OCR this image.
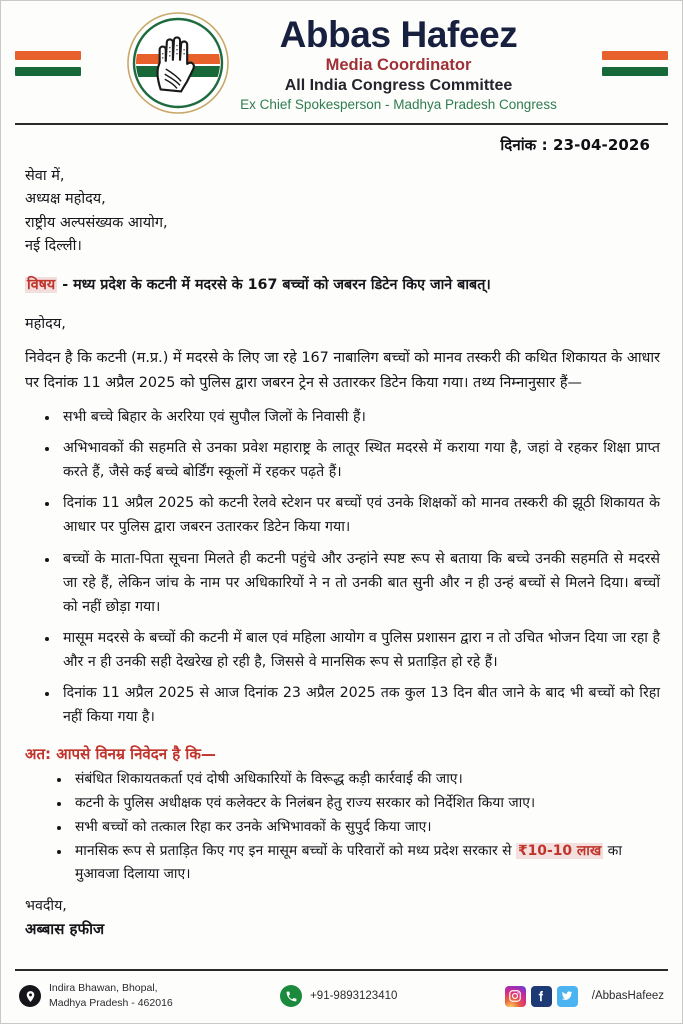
Abbas Hafeez
Media Coordinator
All India Congress Committee
Ex Chief Spokesperson - Madhya Pradesh Congress
दिनांक : 23-04-2026
सेवा में,
अध्यक्ष महोदय,
राष्ट्रीय अल्पसंख्यक आयोग,
नई दिल्ली।
विषय - मध्य प्रदेश के कटनी में मदरसे के 167 बच्चों को जबरन डिटेन किए जाने बाबत्।
महोदय,
निवेदन है कि कटनी (म.प्र.) में मदरसे के लिए जा रहे 167 नाबालिग बच्चों को मानव तस्करी की कथित शिकायत के आधार पर दिनांक 11 अप्रैल 2025 को पुलिस द्वारा जबरन ट्रेन से उतारकर डिटेन किया गया। तथ्य निम्नानुसार हैं—
• सभी बच्चे बिहार के अररिया एवं सुपौल जिलों के निवासी हैं।
• अभिभावकों की सहमति से उनका प्रवेश महाराष्ट्र के लातूर स्थित मदरसे में कराया गया है, जहां वे रहकर शिक्षा प्राप्त करते हैं, जैसे कई बच्चे बोर्डिंग स्कूलों में रहकर पढ़ते हैं।
• दिनांक 11 अप्रैल 2025 को कटनी रेलवे स्टेशन पर बच्चों एवं उनके शिक्षकों को मानव तस्करी की झूठी शिकायत के आधार पर पुलिस द्वारा जबरन उतारकर डिटेन किया गया।
• बच्चों के माता-पिता सूचना मिलते ही कटनी पहुंचे और उन्हांने स्पष्ट रूप से बताया कि बच्चे उनकी सहमति से मदरसे जा रहे हैं, लेकिन जांच के नाम पर अधिकारियों ने न तो उनकी बात सुनी और न ही उन्हं बच्चों से मिलने दिया। बच्चों को नहीं छोड़ा गया।
• मासूम मदरसे के बच्चों की कटनी में बाल एवं महिला आयोग व पुलिस प्रशासन द्वारा न तो उचित भोजन दिया जा रहा है और न ही उनकी सही देखरेख हो रही है, जिससे वे मानसिक रूप से प्रताड़ित हो रहे हैं।
• दिनांक 11 अप्रैल 2025 से आज दिनांक 23 अप्रैल 2025 तक कुल 13 दिन बीत जाने के बाद भी बच्चों को रिहा नहीं किया गया है।
अत: आपसे विनम्र निवेदन है कि—
• संबंधित शिकायतकर्ता एवं दोषी अधिकारियों के विरूद्ध कड़ी कार्रवाई की जाए।
• कटनी के पुलिस अधीक्षक एवं कलेक्टर के निलंबन हेतु राज्य सरकार को निर्देशित किया जाए।
• सभी बच्चों को तत्काल रिहा कर उनके अभिभावकों के सुपुर्द किया जाए।
• मानसिक रूप से प्रताड़ित किए गए इन मासूम बच्चों के परिवारों को मध्य प्रदेश सरकार से ₹10-10 लाख का मुआवजा दिलाया जाए।
भवदीय,
अब्बास हफीज
Indira Bhawan, Bhopal,
Madhya Pradesh - 462016
+91-9893123410	/AbbasHafeez
